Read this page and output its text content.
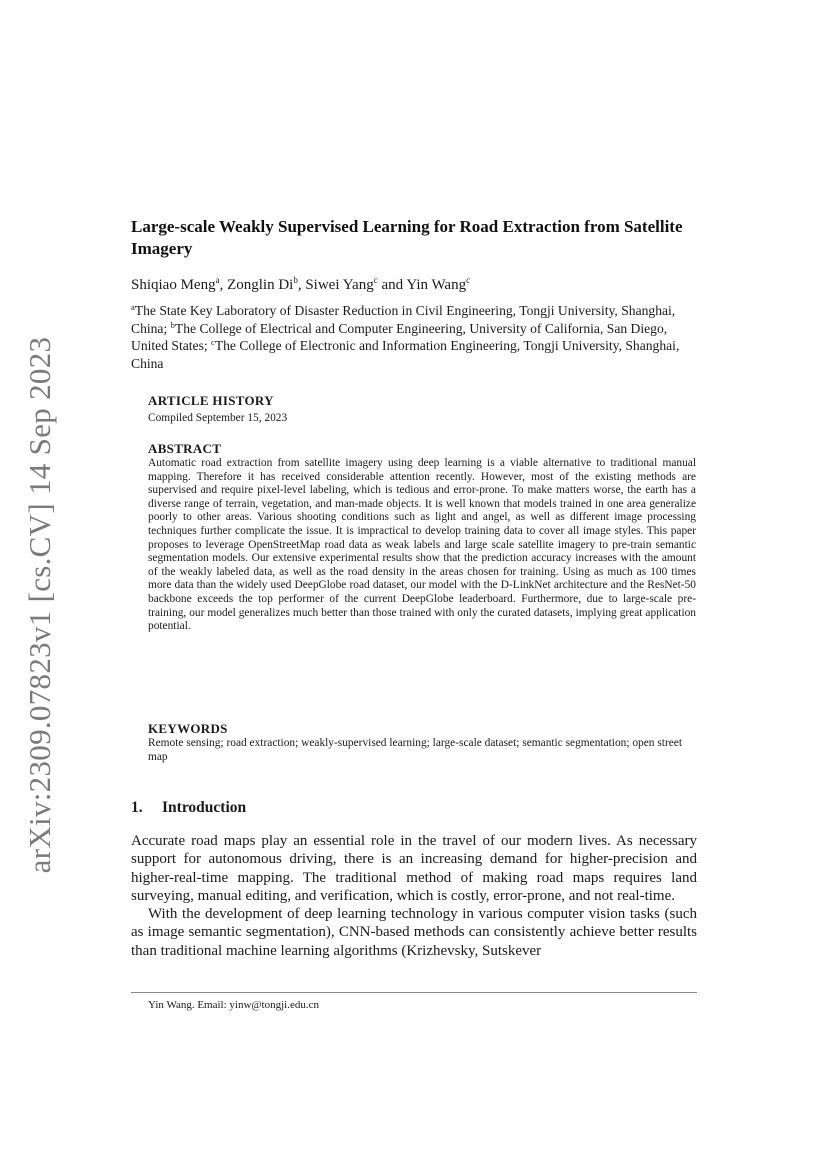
arXiv:2309.07823v1 [cs.CV] 14 Sep 2023
Large-scale Weakly Supervised Learning for Road Extraction from Satellite Imagery
Shiqiao Meng$^a$, Zonglin Di$^b$, Siwei Yang$^c$ and Yin Wang$^c$
$^a$The State Key Laboratory of Disaster Reduction in Civil Engineering, Tongji University, Shanghai, China; $^b$The College of Electrical and Computer Engineering, University of California, San Diego, United States; $^c$The College of Electronic and Information Engineering, Tongji University, Shanghai, China
ARTICLE HISTORY
Compiled September 15, 2023
ABSTRACT
Automatic road extraction from satellite imagery using deep learning is a viable alternative to traditional manual mapping. Therefore it has received considerable attention recently. However, most of the existing methods are supervised and require pixel-level labeling, which is tedious and error-prone. To make matters worse, the earth has a diverse range of terrain, vegetation, and man-made objects. It is well known that models trained in one area generalize poorly to other areas. Various shooting conditions such as light and angel, as well as different image processing techniques further complicate the issue. It is impractical to develop training data to cover all image styles. This paper proposes to leverage OpenStreetMap road data as weak labels and large scale satellite imagery to pre-train semantic segmentation models. Our extensive experimental results show that the prediction accuracy increases with the amount of the weakly labeled data, as well as the road density in the areas chosen for training. Using as much as 100 times more data than the widely used DeepGlobe road dataset, our model with the D-LinkNet architecture and the ResNet-50 backbone exceeds the top performer of the current DeepGlobe leaderboard. Furthermore, due to large-scale pre-training, our model generalizes much better than those trained with only the curated datasets, implying great application potential.
KEYWORDS
Remote sensing; road extraction; weakly-supervised learning; large-scale dataset; semantic segmentation; open street map
1. Introduction

Accurate road maps play an essential role in the travel of our modern lives. As necessary support for autonomous driving, there is an increasing demand for higher-precision and higher-real-time mapping. The traditional method of making road maps requires land surveying, manual editing, and verification, which is costly, error-prone, and not real-time.

With the development of deep learning technology in various computer vision tasks (such as image semantic segmentation), CNN-based methods can consistently achieve better results than traditional machine learning algorithms (Krizhevsky, Sutskever

Yin Wang. Email: yinw@tongji.edu.cn
